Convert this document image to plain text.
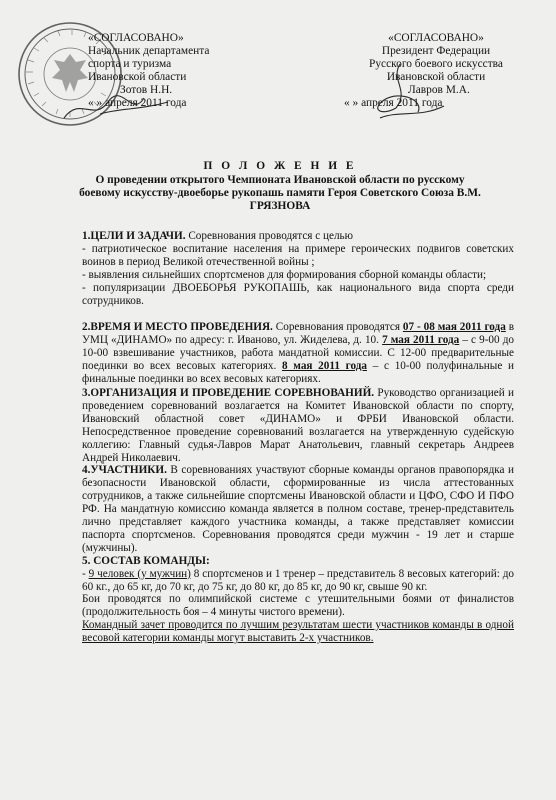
«СОГЛАСОВАНО»
Начальник департамента
спорта и туризма
Ивановской области
Зотов Н.Н.
« » апреля 2011 года
«СОГЛАСОВАНО»
Президент Федерации
Русского боевого искусства
Ивановской области
Лавров М.А.
« » апреля 2011 года
П О Л О Ж Е Н И Е
О проведении открытого Чемпионата Ивановской области по русскому
боевому искусству-двоеборье рукопашь памяти Героя Советского Союза В.М.
ГРЯЗНОВА

1.ЦЕЛИ И ЗАДАЧИ. Соревнования проводятся с целью

- патриотическое воспитание населения на примере героических подвигов советских воинов в период Великой отечественной войны ;

- выявления сильнейших спортсменов для формирования сборной команды области;

- популяризации ДВОЕБОРЬЯ РУКОПАШЬ, как национального вида спорта среди сотрудников.

2.ВРЕМЯ И МЕСТО ПРОВЕДЕНИЯ. Соревнования проводятся 07 - 08 мая 2011 года в УМЦ «ДИНАМО» по адресу: г. Иваново, ул. Жиделева, д. 10. 7 мая 2011 года – с 9-00 до 10-00 взвешивание участников, работа мандатной комиссии. С 12-00 предварительные поединки во всех весовых категориях. 8 мая 2011 года – с 10-00 полуфинальные и финальные поединки во всех весовых категориях.

3.ОРГАНИЗАЦИЯ И ПРОВЕДЕНИЕ СОРЕВНОВАНИЙ. Руководство организацией и проведением соревнований возлагается на Комитет Ивановской области по спорту, Ивановский областной совет «ДИНАМО» и ФРБИ Ивановской области. Непосредственное проведение соревнований возлагается на утвержденную судейскую коллегию: Главный судья-Лавров Марат Анатольевич, главный секретарь Андреев Андрей Николаевич.

4.УЧАСТНИКИ. В соревнованиях участвуют сборные команды органов правопорядка и безопасности Ивановской области, сформированные из числа аттестованных сотрудников, а также сильнейшие спортсмены Ивановской области и ЦФО, СФО И ПФО РФ. На мандатную комиссию команда является в полном составе, тренер-представитель лично представляет каждого участника команды, а также представляет комиссии паспорта спортсменов. Соревнования проводятся среди мужчин - 19 лет и старше (мужчины).

5. СОСТАВ КОМАНДЫ:

- 9 человек (у мужчин) 8 спортсменов и 1 тренер – представитель 8 весовых категорий: до 60 кг., до 65 кг, до 70 кг, до 75 кг, до 80 кг, до 85 кг, до 90 кг, свыше 90 кг.

Бои проводятся по олимпийской системе с утешительными боями от финалистов (продолжительность боя – 4 минуты чистого времени).

Командный зачет проводится по лучшим результатам шести участников команды в одной весовой категории команды могут выставить 2-х участников.
